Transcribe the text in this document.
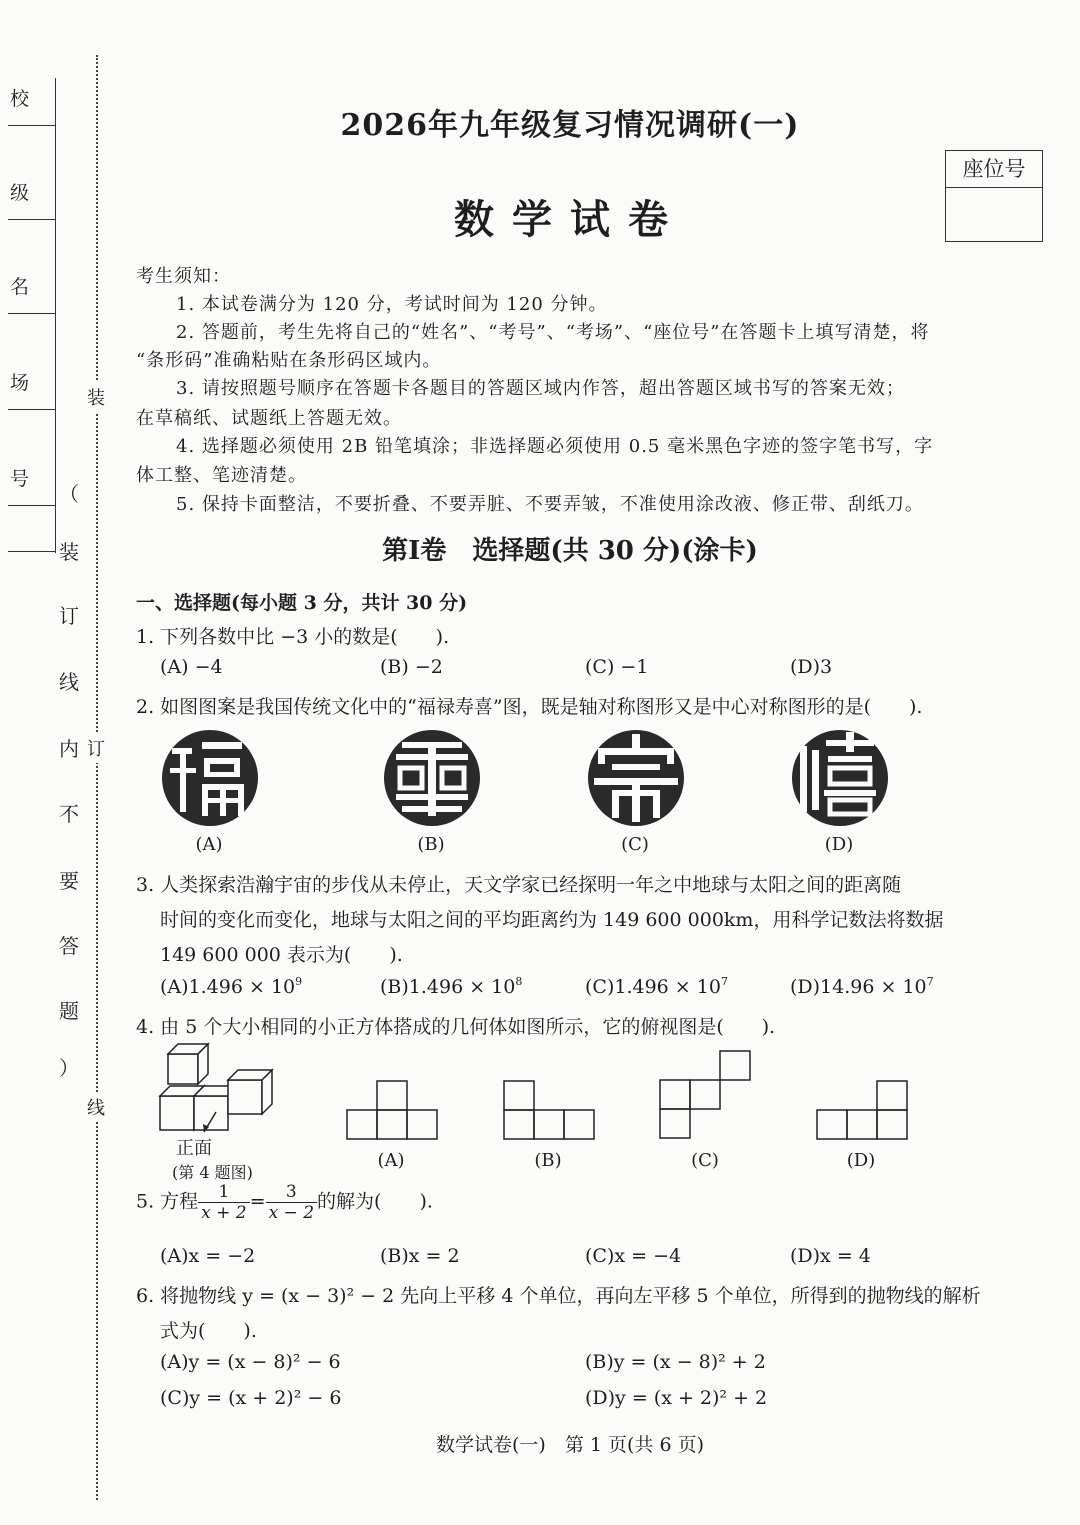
校
级
名
场
号
装
订
线
（
装
订
线
内
不
要
答
题
）
2026年九年级复习情况调研(一)
数学试卷
座位号
考生须知：
1. 本试卷满分为 120 分，考试时间为 120 分钟。
2. 答题前，考生先将自己的“姓名”、“考号”、“考场”、“座位号”在答题卡上填写清楚，将
“条形码”准确粘贴在条形码区域内。
3. 请按照题号顺序在答题卡各题目的答题区域内作答，超出答题区域书写的答案无效；
在草稿纸、试题纸上答题无效。
4. 选择题必须使用 2B 铅笔填涂；非选择题必须使用 0.5 毫米黑色字迹的签字笔书写，字
体工整、笔迹清楚。
5. 保持卡面整洁，不要折叠、不要弄脏、不要弄皱，不准使用涂改液、修正带、刮纸刀。
第Ⅰ卷　选择题(共 30 分)(涂卡)
一、选择题(每小题 3 分，共计 30 分)
1. 下列各数中比 −3 小的数是(　　).
(A) −4	(B) −2	(C) −1	(D)3
2. 如图图案是我国传统文化中的“福禄寿喜”图，既是轴对称图形又是中心对称图形的是(　　).
(A)	(B)	(C)	(D)
3. 人类探索浩瀚宇宙的步伐从未停止，天文学家已经探明一年之中地球与太阳之间的距离随
时间的变化而变化，地球与太阳之间的平均距离约为 149 600 000km，用科学记数法将数据
149 600 000 表示为(　　).
$(A)1.496 \times 10^9$	$(B)1.496 \times 10^8$	$(C)1.496 \times 10^7$	$(D)14.96 \times 10^7$
4. 由 5 个大小相同的小正方体搭成的几何体如图所示，它的俯视图是(　　).
正面
(第 4 题图)
(A)	(B)	(C)	(D)
5. 方程 $\frac{1}{x + 2} = \frac{3}{x - 2}$ 的解为(　　).
(A)x = −2	(B)x = 2	(C)x = −4	(D)x = 4
6. 将抛物线 y = (x − 3)² − 2 先向上平移 4 个单位，再向左平移 5 个单位，所得到的抛物线的解析
式为(　　).
(A)y = (x − 8)² − 6	(B)y = (x − 8)² + 2
(C)y = (x + 2)² − 6	(D)y = (x + 2)² + 2
数学试卷(一)　第 1 页(共 6 页)
